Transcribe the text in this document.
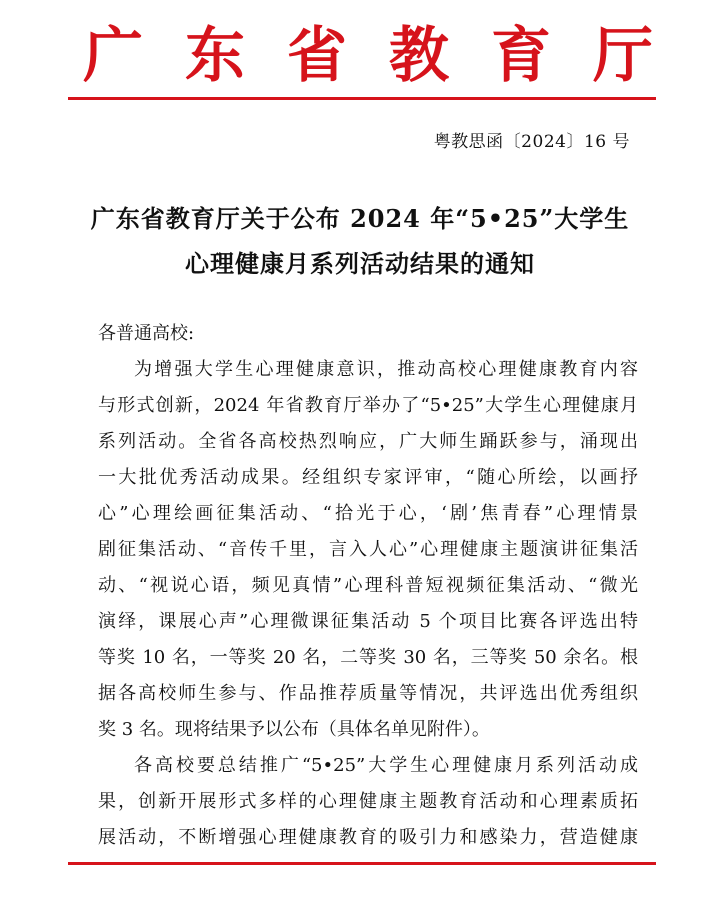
广 东 省 教 育 厅
粤教思函〔2024〕16 号
广东省教育厅关于公布 2024 年“5•25”大学生
心理健康月系列活动结果的通知
各普通高校:
为增强大学生心理健康意识，推动高校心理健康教育内容
与形式创新，2024 年省教育厅举办了“5•25”大学生心理健康月
系列活动。全省各高校热烈响应，广大师生踊跃参与，涌现出
一大批优秀活动成果。经组织专家评审，“随心所绘，以画抒
心”心理绘画征集活动、“拾光于心，‘剧’焦青春”心理情景
剧征集活动、“音传千里，言入人心”心理健康主题演讲征集活
动、“视说心语，频见真情”心理科普短视频征集活动、“微光
演绎，课展心声”心理微课征集活动 5 个项目比赛各评选出特
等奖 10 名，一等奖 20 名，二等奖 30 名，三等奖 50 余名。根
据各高校师生参与、作品推荐质量等情况，共评选出优秀组织
奖 3 名。现将结果予以公布（具体名单见附件）。
各高校要总结推广“5•25”大学生心理健康月系列活动成
果，创新开展形式多样的心理健康主题教育活动和心理素质拓
展活动，不断增强心理健康教育的吸引力和感染力，营造健康
